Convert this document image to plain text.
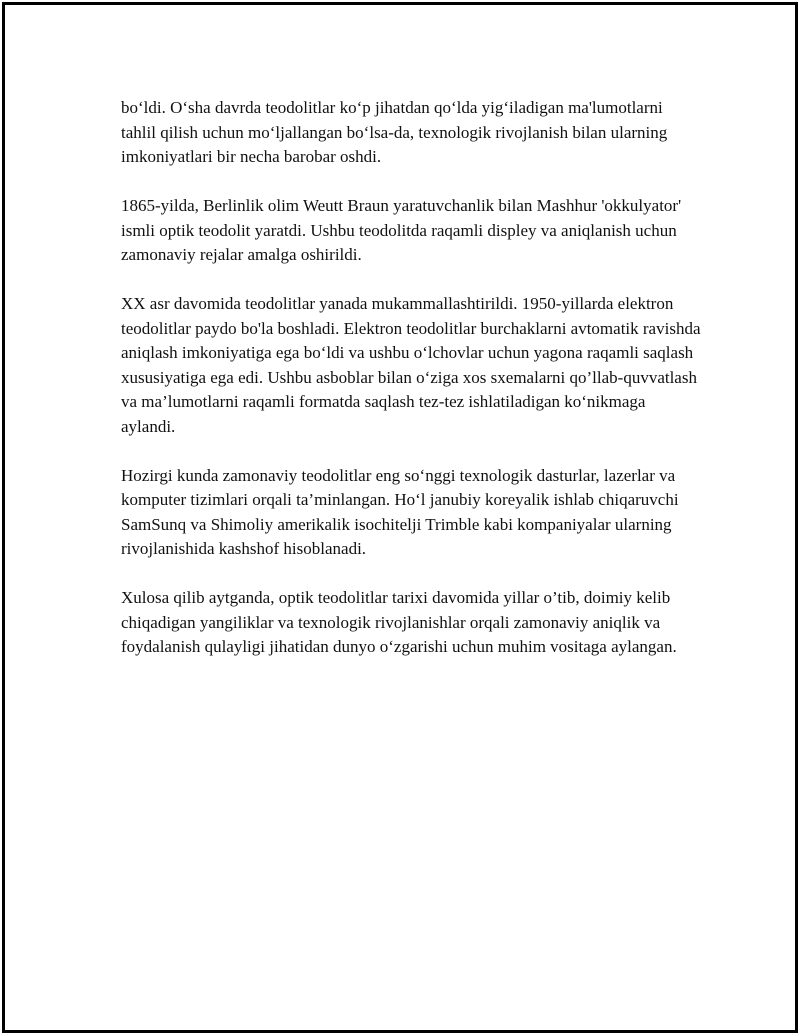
bo‘ldi. O‘sha davrda teodolitlar ko‘p jihatdan qo‘lda yig‘iladigan ma'lumotlarni tahlil qilish uchun mo‘ljallangan bo‘lsa-da, texnologik rivojlanish bilan ularning imkoniyatlari bir necha barobar oshdi.

1865-yilda, Berlinlik olim Weutt Braun yaratuvchanlik bilan Mashhur 'okkulyator' ismli optik teodolit yaratdi. Ushbu teodolitda raqamli displey va aniqlanish uchun zamonaviy rejalar amalga oshirildi.

XX asr davomida teodolitlar yanada mukammallashtirildi. 1950-yillarda elektron teodolitlar paydo bo'la boshladi. Elektron teodolitlar burchaklarni avtomatik ravishda aniqlash imkoniyatiga ega bo‘ldi va ushbu o‘lchovlar uchun yagona raqamli saqlash xususiyatiga ega edi. Ushbu asboblar bilan o‘ziga xos sxemalarni qo’llab-quvvatlash va ma’lumotlarni raqamli formatda saqlash tez-tez ishlatiladigan ko‘nikmaga aylandi.

Hozirgi kunda zamonaviy teodolitlar eng so‘nggi texnologik dasturlar, lazerlar va komputer tizimlari orqali ta’minlangan. Ho‘l janubiy koreyalik ishlab chiqaruvchi SamSunq va Shimoliy amerikalik isochitelji Trimble kabi kompaniyalar ularning rivojlanishida kashshof hisoblanadi.

Xulosa qilib aytganda, optik teodolitlar tarixi davomida yillar o’tib, doimiy kelib chiqadigan yangiliklar va texnologik rivojlanishlar orqali zamonaviy aniqlik va foydalanish qulayligi jihatidan dunyo o‘zgarishi uchun muhim vositaga aylangan.
